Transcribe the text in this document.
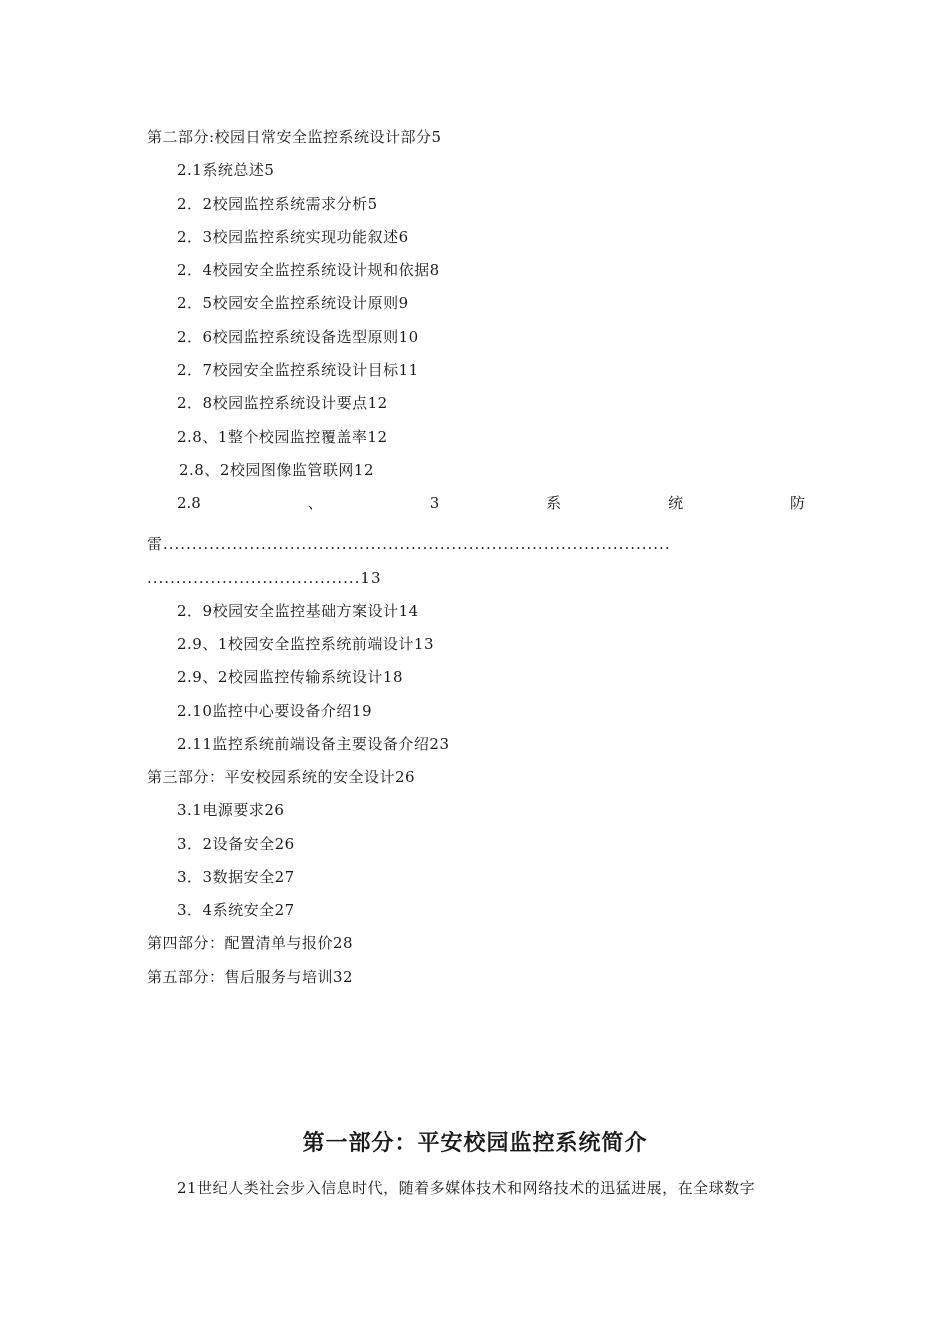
第二部分:校园日常安全监控系统设计部分5
2.1系统总述5
2．2校园监控系统需求分析5
2．3校园监控系统实现功能叙述6
2．4校园安全监控系统设计规和依据8
2．5校园安全监控系统设计原则9
2．6校园监控系统设备选型原则10
2．7校园安全监控系统设计目标11
2．8校园监控系统设计要点12
2.8、1整个校园监控覆盖率12
2.8、2校园图像监管联网12
2.8	、	3	系	统	防
雷........................................................................................
.....................................13
2．9校园安全监控基础方案设计14
2.9、1校园安全监控系统前端设计13
2.9、2校园监控传输系统设计18
2.10监控中心要设备介绍19
2.11监控系统前端设备主要设备介绍23
第三部分：平安校园系统的安全设计26
3.1电源要求26
3．2设备安全26
3．3数据安全27
3．4系统安全27
第四部分：配置清单与报价28
第五部分：售后服务与培训32
第一部分：平安校园监控系统简介
21世纪人类社会步入信息时代，随着多媒体技术和网络技术的迅猛进展，在全球数字
